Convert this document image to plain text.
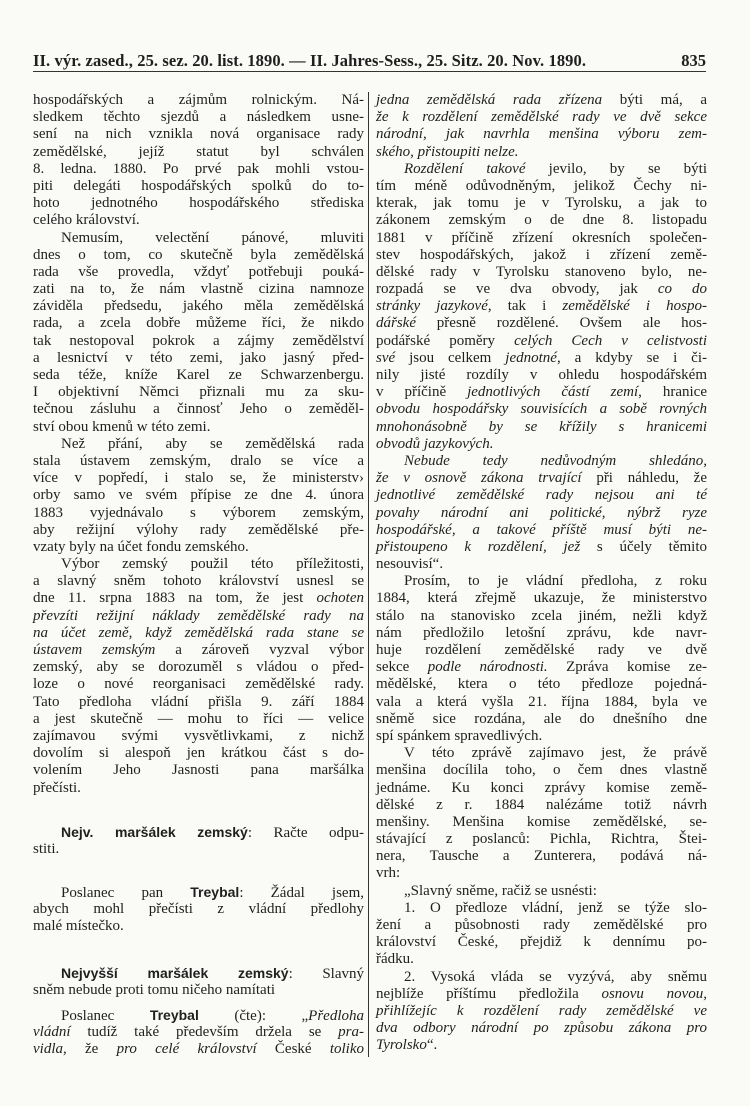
II. výr. zased., 25. sez. 20. list. 1890. — II. Jahres-Sess., 25. Sitz. 20. Nov. 1890.	835
hospodářských a zájmům rolnickým. Ná-
sledkem těchto sjezdů a následkem usne-
sení na nich vznikla nová organisace rady
zemědělské, jejíž statut byl schválen
8. ledna. 1880. Po prvé pak mohli vstou-
piti delegáti hospodářských spolků do to-
hoto jednotného hospodářského střediska
celého království.
Nemusím, velectění pánové, mluviti
dnes o tom, co skutečně byla zemědělská
rada vše provedla, vždyť potřebuji pouká-
zati na to, že nám vlastně cizina namnoze
záviděla předsedu, jakého měla zemědělská
rada, a zcela dobře můžeme říci, že nikdo
tak nestopoval pokrok a zájmy zemědělství
a lesnictví v této zemi, jako jasný před-
seda téže, kníže Karel ze Schwarzenbergu.
I objektivní Němci přiznali mu za sku-
tečnou zásluhu a činnosť Jeho o zeměděl-
ství obou kmenů w této zemi.
Než přání, aby se zemědělská rada
stala ústavem zemským, dralo se více a
více v popředí, i stalo se, že ministerstv›
orby samo ve svém přípise ze dne 4. února
1883 vyjednávalo s výborem zemským,
aby režijní výlohy rady zemědělské pře-
vzaty byly na účet fondu zemského.
Výbor zemský použil této příležitosti,
a slavný sněm tohoto království usnesl se
dne 11. srpna 1883 na tom, že jest ochoten
převzíti režijní náklady zemědělské rady na
na účet země, když zemědělská rada stane se
ústavem zemským a zároveň vyzval výbor
zemský, aby se dorozuměl s vládou o před-
loze o nové reorganisaci zemědělské rady.
Tato předloha vládní přišla 9. září 1884
a jest skutečně — mohu to říci — velice
zajímavou svými vysvětlivkami, z nichž
dovolím si alespoň jen krátkou část s do-
volením Jeho Jasnosti pana maršálka
přečísti.
Nejv. maršálek zemský: Račte odpu-
stiti.
Poslanec pan Treybal: Žádal jsem,
abych mohl přečísti z vládní předlohy
malé místečko.
Nejvyšší maršálek zemský: Slavný
sněm nebude proti tomu ničeho namítati
Poslanec Treybal (čte): „Předloha
vládní tudíž také především držela se pra-
vidla, že pro celé království České toliko
jedna zemědělská rada zřízena býti má, a
že k rozdělení zemědělské rady ve dvě sekce
národní, jak navrhla menšina výboru zem-
ského, přistoupiti nelze.
Rozdělení takové jevilo, by se býti
tím méně odůvodněným, jelikož Čechy ni-
kterak, jak tomu je v Tyrolsku, a jak to
zákonem zemským o de dne 8. listopadu
1881 v příčině zřízení okresních společen-
stev hospodářských, jakož i zřízení země-
dělské rady v Tyrolsku stanoveno bylo, ne-
rozpadá se ve dva obvody, jak co do
stránky jazykové, tak i zemědělské i hospo-
dářské přesně rozdělené. Ovšem ale hos-
podářské poměry celých Cech v celistvosti
své jsou celkem jednotné, a kdyby se i či-
nily jisté rozdíly v ohledu hospodářském
v příčině jednotlivých částí zemí, hranice
obvodu hospodářsky souvisících a sobě rovných
mnohonásobně by se křížily s hranicemi
obvodů jazykových.
Nebude tedy nedůvodným shledáno,
že v osnově zákona trvající při náhledu, že
jednotlivé zemědělské rady nejsou ani té
povahy národní ani politické, nýbrž ryze
hospodářské, a takové příště musí býti ne-
přistoupeno k rozdělení, jež s účely těmito
nesouvisí“.
Prosím, to je vládní předloha, z roku
1884, která zřejmě ukazuje, že ministerstvo
stálo na stanovisko zcela jiném, nežli když
nám předložilo letošní zprávu, kde navr-
huje rozdělení zemědělské rady ve dvě
sekce podle národnosti. Zpráva komise ze-
mědělské, ktera o této předloze pojedná-
vala a která vyšla 21. října 1884, byla ve
sněmě sice rozdána, ale do dnešního dne
spí spánkem spravedlivých.
V této zprávě zajímavo jest, že právě
menšina docílila toho, o čem dnes vlastně
jednáme. Ku konci zprávy komise země-
dělské z r. 1884 nalézáme totiž návrh
menšiny. Menšina komise zemědělské, se-
stávající z poslanců: Pichla, Richtra, Štei-
nera, Tausche a Zunterera, podává ná-
vrh:
„Slavný sněme, račiž se usnésti:
1. O předloze vládní, jenž se týže slo-
žení a působnosti rady zemědělské pro
království České, přejdiž k dennímu po-
řádku.
2. Vysoká vláda se vyzývá, aby sněmu
nejblíže příštímu předložila osnovu novou,
přihlížejíc k rozdělení rady zemědělské ve
dva odbory národní po způsobu zákona pro
Tyrolsko“.
